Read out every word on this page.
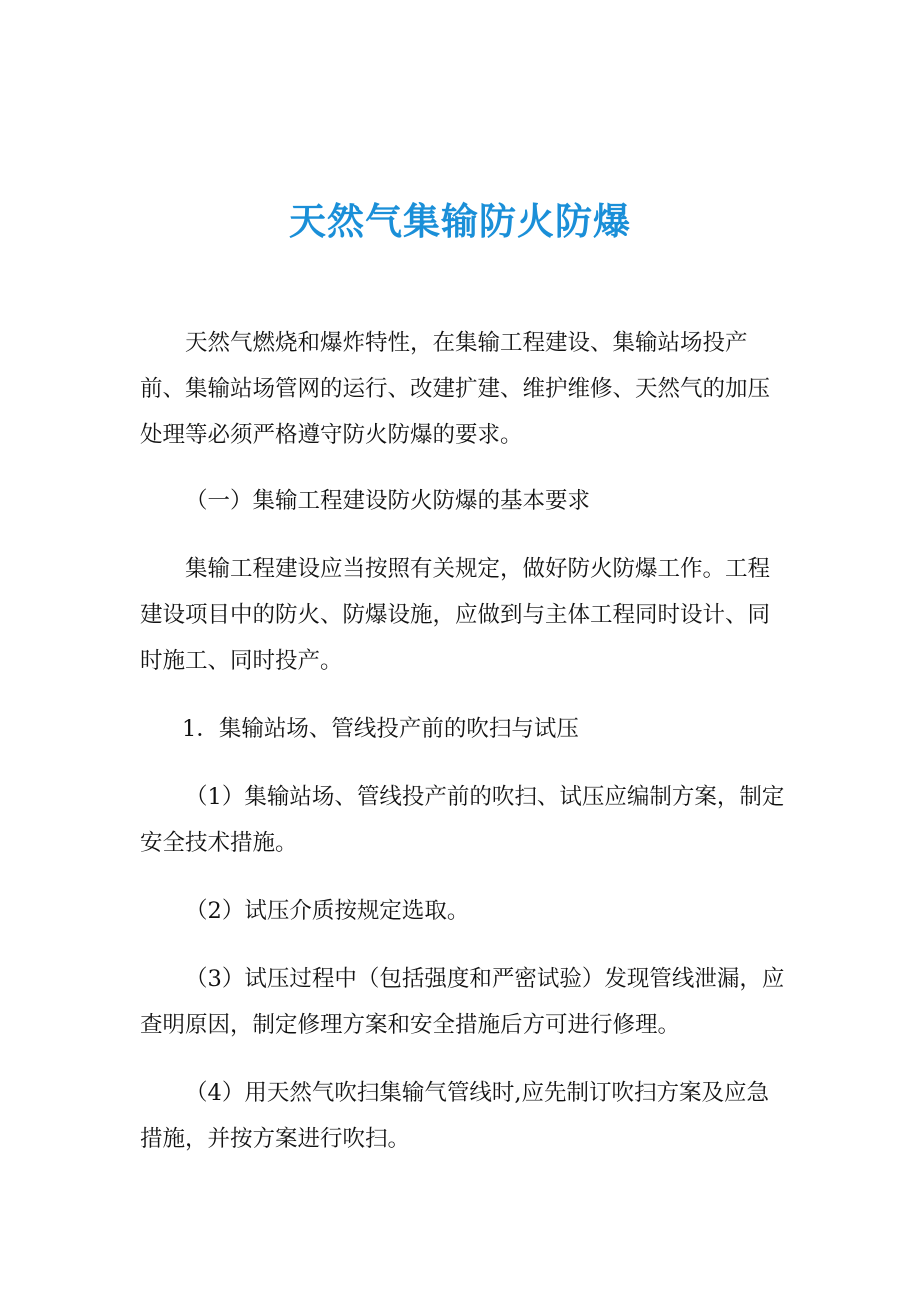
天然气集输防火防爆

天然气燃烧和爆炸特性，在集输工程建设、集输站场投产前、集输站场管网的运行、改建扩建、维护维修、天然气的加压处理等必须严格遵守防火防爆的要求。

（一）集输工程建设防火防爆的基本要求

集输工程建设应当按照有关规定，做好防火防爆工作。工程建设项目中的防火、防爆设施，应做到与主体工程同时设计、同时施工、同时投产。

1．集输站场、管线投产前的吹扫与试压

（1）集输站场、管线投产前的吹扫、试压应编制方案，制定安全技术措施。

（2）试压介质按规定选取。

（3）试压过程中（包括强度和严密试验）发现管线泄漏，应查明原因，制定修理方案和安全措施后方可进行修理。

（4）用天然气吹扫集输气管线时,应先制订吹扫方案及应急措施，并按方案进行吹扫。
